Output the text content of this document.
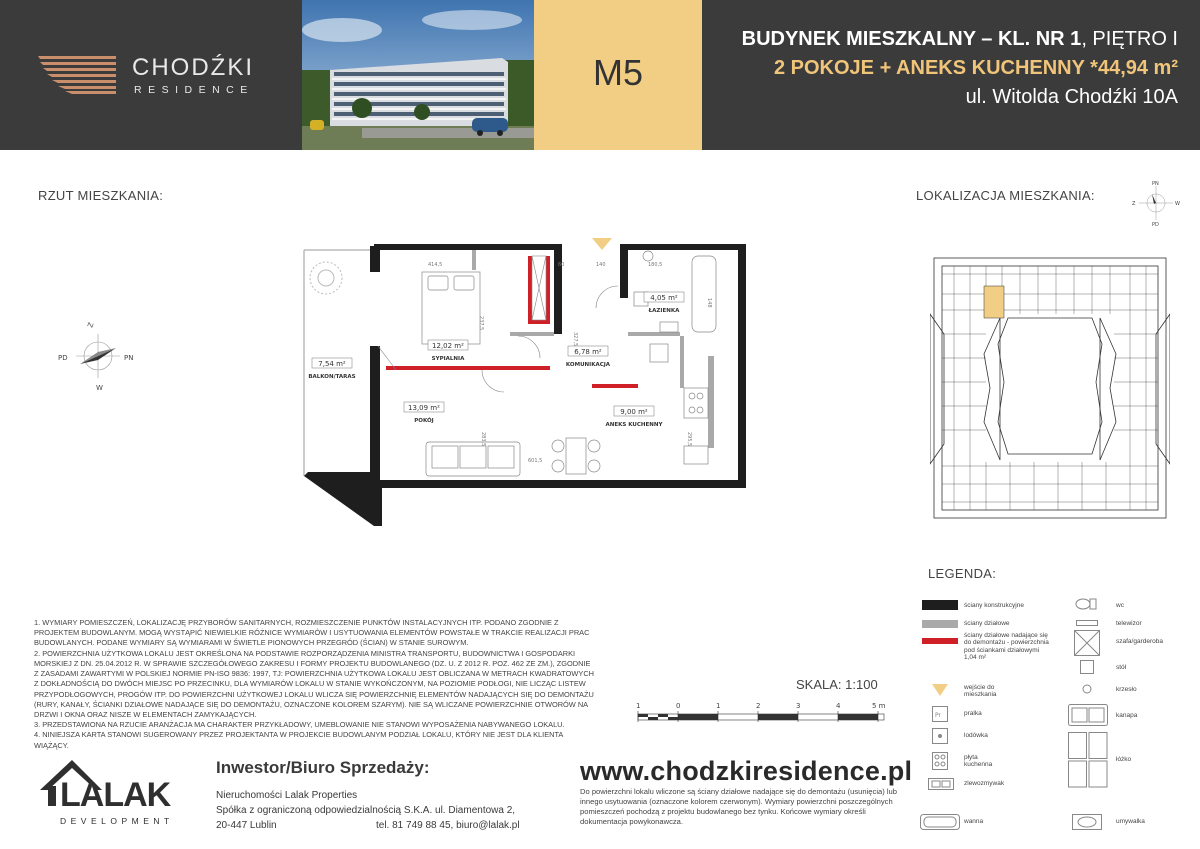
CHODŹKI
RESIDENCE	M5
BUDYNEK MIESZKALNY – KL. NR 1, PIĘTRO I
2 POKOJE + ANEKS KUCHENNY *44,94 m²
ul. Witolda Chodźki 10A
RZUT MIESZKANIA:	LOKALIZACJA MIESZKANIA:
LEGENDA:
Z
PD	PN
W
12,02 m²
SYPIALNIA
13,09 m²
POKÓJ
7,54 m²
BALKON/TARAS
6,78 m²
KOMUNIKACJA
4,05 m²
ŁAZIENKA
9,00 m²
ANEKS KUCHENNY
414,5	60	140	180,5
237,5
327,5
295,5
601,5
283,5
148
PN
Z	W
PD
ściany konstrukcyjne
ściany działowe
ściany działowe nadające się do demontażu - powierzchnia pod ściankami działowymi 1,04 m²
wejście do mieszkania
Pr	pralka
lodówka
płyta kuchenna
zlewozmywak
wanna
wc
telewizor
szafa/garderoba
stół
krzesło
kanapa
łóżko
umywalka

1. WYMIARY POMIESZCZEŃ, LOKALIZACJĘ PRZYBORÓW SANITARNYCH, ROZMIESZCZENIE PUNKTÓW INSTALACYJNYCH ITP. PODANO ZGODNIE Z PROJEKTEM BUDOWLANYM. MOGĄ WYSTĄPIĆ NIEWIELKIE RÓŻNICE WYMIARÓW I USYTUOWANIA ELEMENTÓW POWSTAŁE W TRAKCIE REALIZACJI PRAC BUDOWLANYCH. PODANE WYMIARY SĄ WYMIARAMI W ŚWIETLE PIONOWYCH PRZEGRÓD (ŚCIAN) W STANIE SUROWYM.

2. POWIERZCHNIA UŻYTKOWA LOKALU JEST OKREŚLONA NA PODSTAWIE ROZPORZĄDZENIA MINISTRA TRANSPORTU, BUDOWNICTWA I GOSPODARKI MORSKIEJ Z DN. 25.04.2012 R. W SPRAWIE SZCZEGÓŁOWEGO ZAKRESU I FORMY PROJEKTU BUDOWLANEGO (DZ. U. Z 2012 R. POZ. 462 ZE ZM.), ZGODNIE Z ZASADAMI ZAWARTYMI W POLSKIEJ NORMIE PN-ISO 9836: 1997, TJ: POWIERZCHNIA UŻYTKOWA LOKALU JEST OBLICZANA W METRACH KWADRATOWYCH Z DOKŁADNOŚCIĄ DO DWÓCH MIEJSC PO PRZECINKU, DLA WYMIARÓW LOKALU W STANIE WYKOŃCZONYM, NA POZIOMIE PODŁOGI, NIE LICZĄC LISTEW PRZYPODŁOGOWYCH, PROGÓW ITP. DO POWIERZCHNI UŻYTKOWEJ LOKALU WLICZA SIĘ POWIERZCHNIĘ ELEMENTÓW NADAJĄCYCH SIĘ DO DEMONTAŻU (RURY, KANAŁY, ŚCIANKI DZIAŁOWE NADAJĄCE SIĘ DO DEMONTAŻU, OZNACZONE KOLOREM SZARYM). NIE SĄ WLICZANE POWIERZCHNIE OTWORÓW NA DRZWI I OKNA ORAZ NISZE W ELEMENTACH ZAMYKAJĄCYCH.

3. PRZEDSTAWIONA NA RZUCIE ARANŻACJA MA CHARAKTER PRZYKŁADOWY, UMEBLOWANIE NIE STANOWI WYPOSAŻENIA NABYWANEGO LOKALU.

4. NINIEJSZA KARTA STANOWI SUGEROWANY PRZEZ PROJEKTANTA W PROJEKCIE BUDOWLANYM PODZIAŁ LOKALU, KTÓRY NIE JEST DLA KLIENTA WIĄŻĄCY.

SKALA: 1:100
1	0	1	2	3	4	5 m
LALAK
DEVELOPMENT
Inwestor/Biuro Sprzedaży:
Nieruchomości Lalak Properties
Spółka z ograniczoną odpowiedzialnością S.K.A. ul. Diamentowa 2,
20-447 Lublin	tel. 81 749 88 45, biuro@lalak.pl
www.chodzkiresidence.pl
Do powierzchni lokalu wliczone są ściany działowe nadające się do demontażu (usunięcia) lub innego usytuowania (oznaczone kolorem czerwonym). Wymiary powierzchni poszczególnych pomieszczeń pochodzą z projektu budowlanego bez tynku. Końcowe wymiary określi dokumentacja powykonawcza.
